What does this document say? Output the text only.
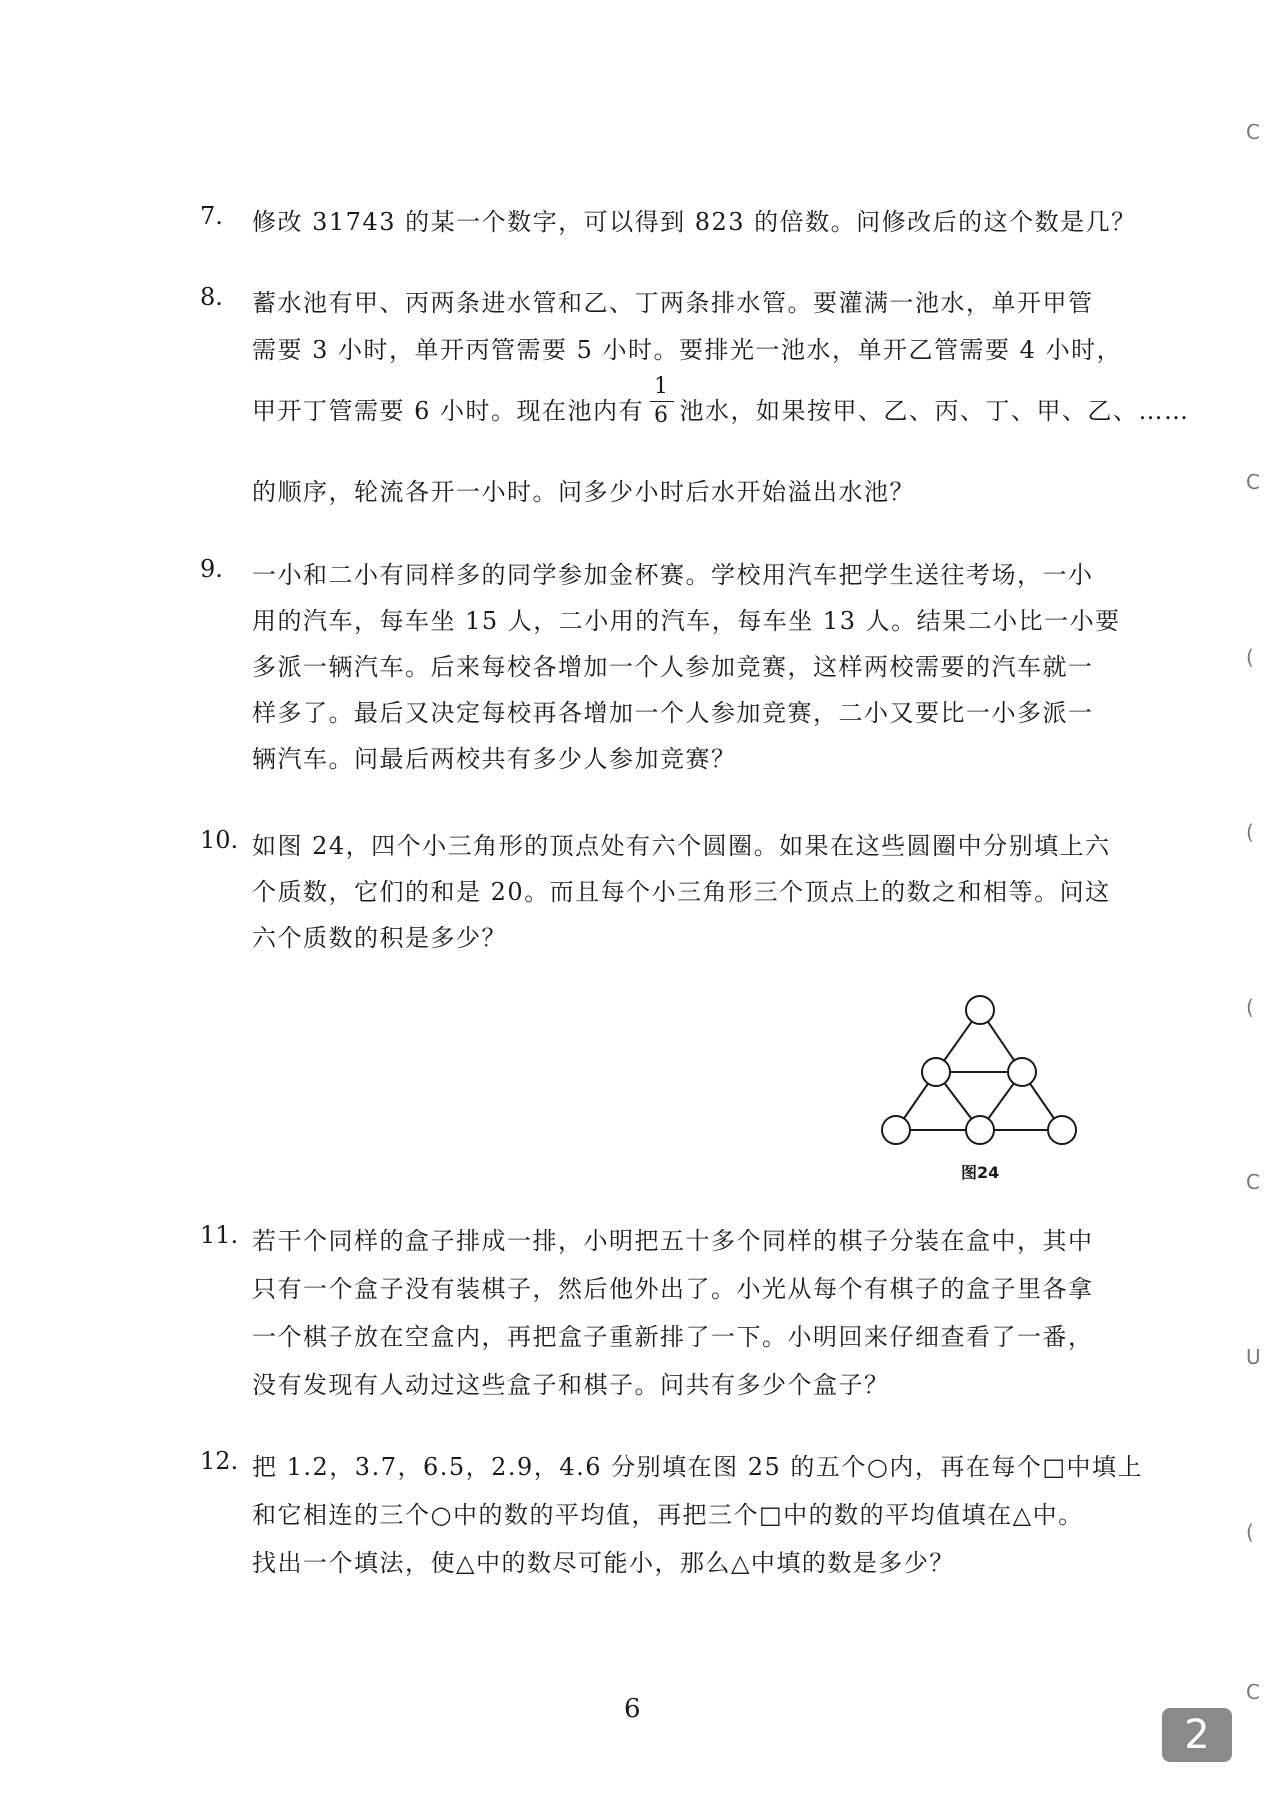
7. 修改 31743 的某一个数字，可以得到 823 的倍数。问修改后的这个数是几？
8. 蓄水池有甲、丙两条进水管和乙、丁两条排水管。要灌满一池水，单开甲管
需要 3 小时，单开丙管需要 5 小时。要排光一池水，单开乙管需要 4 小时，
甲开丁管需要 6 小时。现在池内有 $\frac{1}{6}$ 池水，如果按甲、乙、丙、丁、甲、乙、……
的顺序，轮流各开一小时。问多少小时后水开始溢出水池？
9. 一小和二小有同样多的同学参加金杯赛。学校用汽车把学生送往考场，一小
用的汽车，每车坐 15 人，二小用的汽车，每车坐 13 人。结果二小比一小要
多派一辆汽车。后来每校各增加一个人参加竞赛，这样两校需要的汽车就一
样多了。最后又决定每校再各增加一个人参加竞赛，二小又要比一小多派一
辆汽车。问最后两校共有多少人参加竞赛？
10. 如图 24，四个小三角形的顶点处有六个圆圈。如果在这些圆圈中分别填上六
个质数，它们的和是 20。而且每个小三角形三个顶点上的数之和相等。问这
六个质数的积是多少？
图24
11. 若干个同样的盒子排成一排，小明把五十多个同样的棋子分装在盒中，其中
只有一个盒子没有装棋子，然后他外出了。小光从每个有棋子的盒子里各拿
一个棋子放在空盒内，再把盒子重新排了一下。小明回来仔细查看了一番，
没有发现有人动过这些盒子和棋子。问共有多少个盒子？
12. 把 1.2，3.7，6.5，2.9，4.6 分别填在图 25 的五个○内，再在每个□中填上
和它相连的三个○中的数的平均值，再把三个□中的数的平均值填在△中。
找出一个填法，使△中的数尽可能小，那么△中填的数是多少？
6
2
C
C
(
(
(
C
U
(
C
